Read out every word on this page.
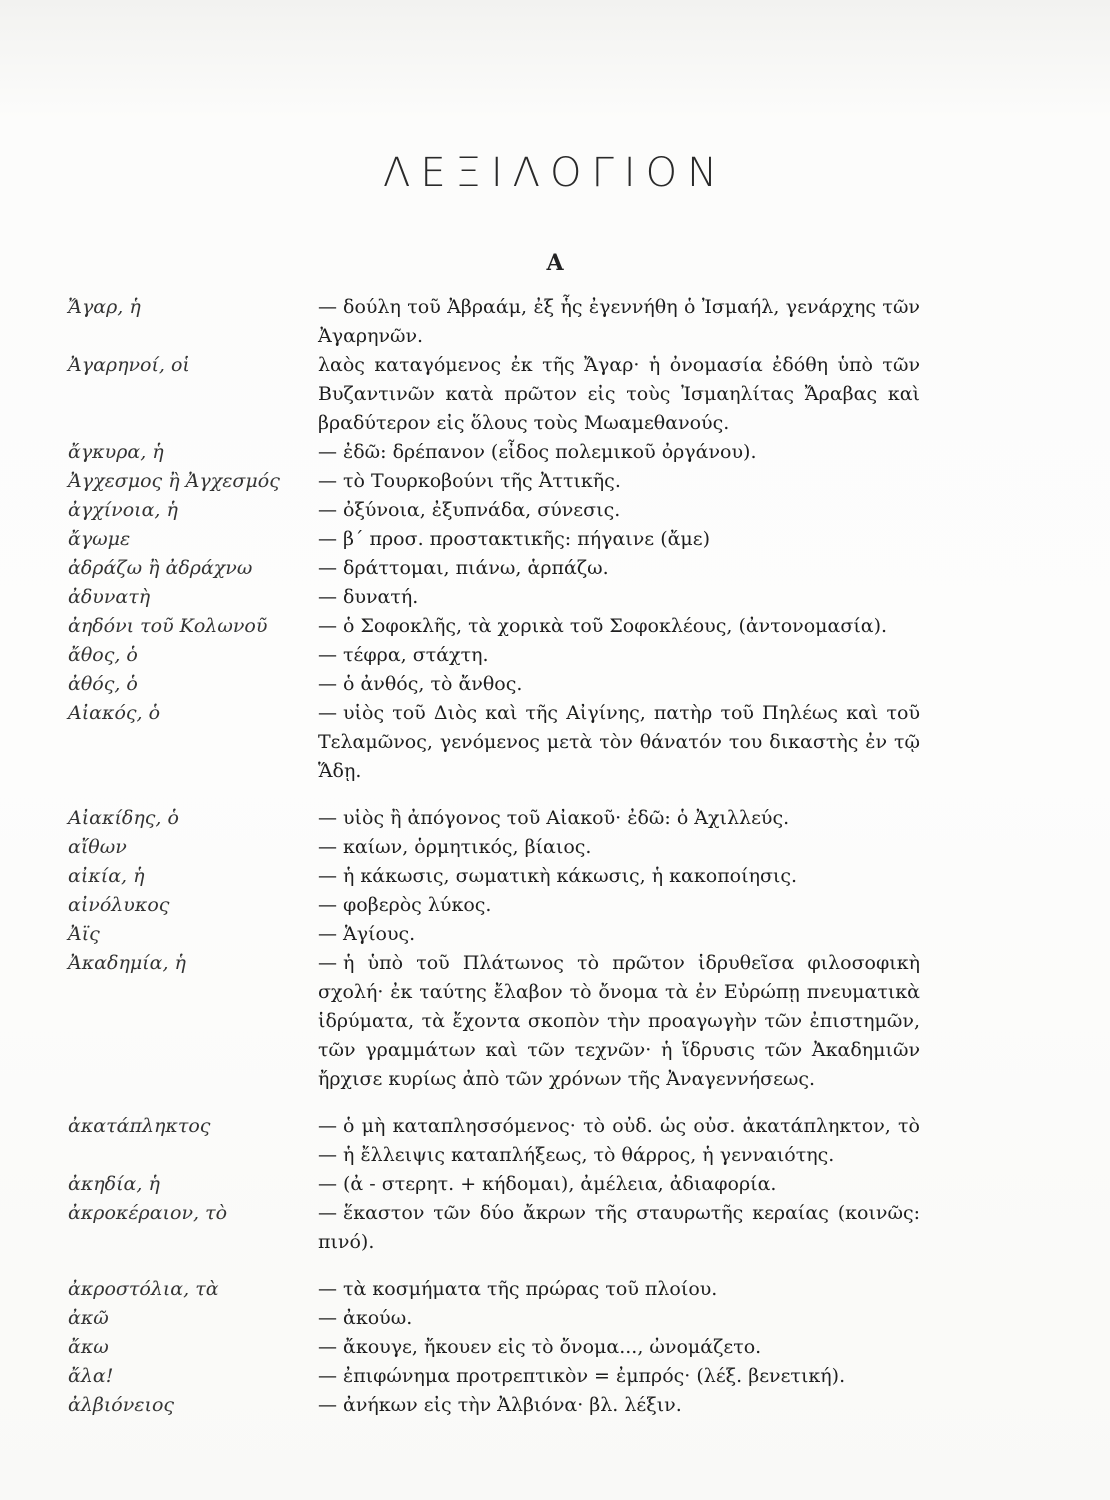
ΛΕΞΙΛΟΓΙΟΝ
Α
Ἄγαρ, ἡ	— δούλη τοῦ Ἀβραάμ, ἐξ ἧς ἐγεννήθη ὁ Ἰσμαήλ, γενάρχης τῶν Ἀγαρηνῶν.
Ἀγαρηνοί, οἱ	λαὸς καταγόμενος ἐκ τῆς Ἄγαρ· ἡ ὀνομασία ἐδόθη ὑπὸ τῶν Βυζαντινῶν κατὰ πρῶτον εἰς τοὺς Ἰσμαηλίτας Ἄραβας καὶ βραδύτερον εἰς ὅλους τοὺς Μωαμεθανούς.
ἄγκυρα, ἡ	— ἐδῶ: δρέπανον (εἶδος πολεμικοῦ ὀργάνου).
Ἀγχεσμος ἢ Ἀγχεσμός	— τὸ Τουρκοβούνι τῆς Ἀττικῆς.
ἀγχίνοια, ἡ	— ὀξύνοια, ἐξυπνάδα, σύνεσις.
ἄγωμε	— β΄ προσ. προστακτικῆς: πήγαινε (ἄμε)
ἀδράζω ἢ ἀδράχνω	— δράττομαι, πιάνω, ἁρπάζω.
ἀδυνατὴ	— δυνατή.
ἀηδόνι τοῦ Κολωνοῦ	— ὁ Σοφοκλῆς, τὰ χορικὰ τοῦ Σοφοκλέους, (ἀντονομασία).
ἄθος, ὁ	— τέφρα, στάχτη.
ἀθός, ὁ	— ὁ ἀνθός, τὸ ἄνθος.
Αἰακός, ὁ	— υἱὸς τοῦ Διὸς καὶ τῆς Αἰγίνης, πατὴρ τοῦ Πηλέως καὶ τοῦ Τελαμῶνος, γενόμενος μετὰ τὸν θάνατόν του δικαστὴς ἐν τῷ Ἅδῃ.
Αἰακίδης, ὁ	— υἱὸς ἢ ἀπόγονος τοῦ Αἰακοῦ· ἐδῶ: ὁ Ἀχιλλεύς.
αἴθων	— καίων, ὁρμητικός, βίαιος.
αἰκία, ἡ	— ἡ κάκωσις, σωματικὴ κάκωσις, ἡ κακοποίησις.
αἰνόλυκος	— φοβερὸς λύκος.
Ἀϊς	— Ἁγίους.
Ἀκαδημία, ἡ	— ἡ ὑπὸ τοῦ Πλάτωνος τὸ πρῶτον ἱδρυθεῖσα φιλοσοφικὴ σχολή· ἐκ ταύτης ἔλαβον τὸ ὄνομα τὰ ἐν Εὐρώπῃ πνευματικὰ ἱδρύματα, τὰ ἔχοντα σκοπὸν τὴν προαγωγὴν τῶν ἐπιστημῶν, τῶν γραμμάτων καὶ τῶν τεχνῶν· ἡ ἵδρυσις τῶν Ἀκαδημιῶν ἤρχισε κυρίως ἀπὸ τῶν χρόνων τῆς Ἀναγεννήσεως.
ἀκατάπληκτος	— ὁ μὴ καταπλησσόμενος· τὸ οὐδ. ὡς οὐσ. ἀκατάπληκτον, τὸ — ἡ ἔλλειψις καταπλήξεως, τὸ θάρρος, ἡ γενναιότης.
ἀκηδία, ἡ	— (ἀ - στερητ. + κήδομαι), ἀμέλεια, ἀδιαφορία.
ἀκροκέραιον, τὸ	— ἕκαστον τῶν δύο ἄκρων τῆς σταυρωτῆς κεραίας (κοινῶς: πινό).
ἀκροστόλια, τὰ	— τὰ κοσμήματα τῆς πρώρας τοῦ πλοίου.
ἀκῶ	— ἀκούω.
ἄκω	— ἄκουγε, ἤκουεν εἰς τὸ ὄνομα..., ὠνομάζετο.
ἄλα!	— ἐπιφώνημα προτρεπτικὸν = ἐμπρός· (λέξ. βενετική).
ἀλβιόνειος	— ἀνήκων εἰς τὴν Ἀλβιόνα· βλ. λέξιν.
